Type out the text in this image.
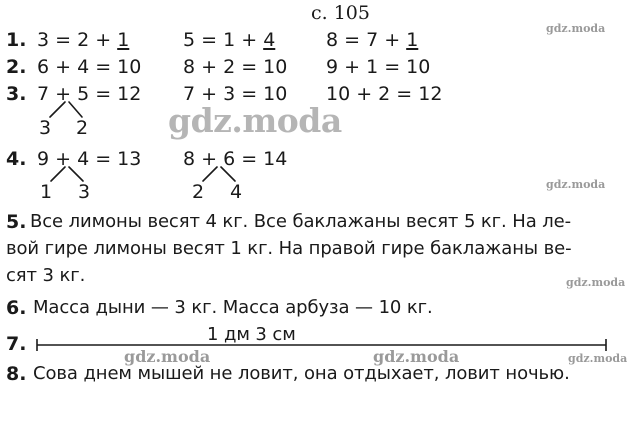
с. 105
gdz.moda
gdz.moda
gdz.moda
gdz.moda
gdz.moda	gdz.moda	gdz.moda
1. 3 = 2 + 1	5 = 1 + 4	8 = 7 + 1
2. 6 + 4 = 10 8 + 2 = 10 9 + 1 = 10
3. 7 + 5 = 12 7 + 3 = 10 10 + 2 = 12
3 2
4. 9 + 4 = 13 8 + 6 = 14
1 3	2 4
5. Все лимоны весят 4 кг. Все баклажаны весят 5 кг. На ле-
вой гире лимоны весят 1 кг. На правой гире баклажаны ве-
сят 3 кг.
6. Масса дыни — 3 кг. Масса арбуза — 10 кг.
7.	1 дм 3 см
8. Сова днем мышей не ловит, она отдыхает, ловит ночью.
